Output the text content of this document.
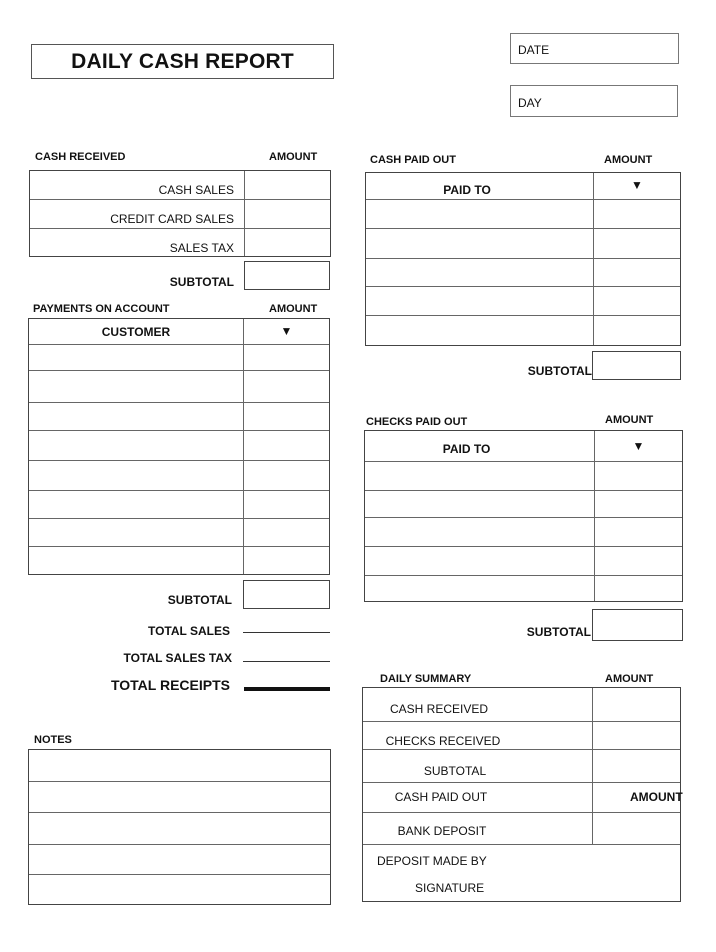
DAILY CASH REPORT	DATE
DAY
CASH RECEIVED	AMOUNT
CASH SALES
CREDIT CARD SALES
SALES TAX
SUBTOTAL
PAYMENTS ON ACCOUNT	AMOUNT
CUSTOMER	▼
SUBTOTAL
TOTAL SALES
TOTAL SALES TAX
TOTAL RECEIPTS
NOTES
CASH PAID OUT	AMOUNT
PAID TO	▼
SUBTOTAL
CHECKS PAID OUT	AMOUNT
PAID TO	▼
SUBTOTAL
DAILY SUMMARY	AMOUNT
CASH RECEIVED
CHECKS RECEIVED
SUBTOTAL
CASH PAID OUT
BANK DEPOSIT
AMOUNT
DEPOSIT MADE BY
SIGNATURE
